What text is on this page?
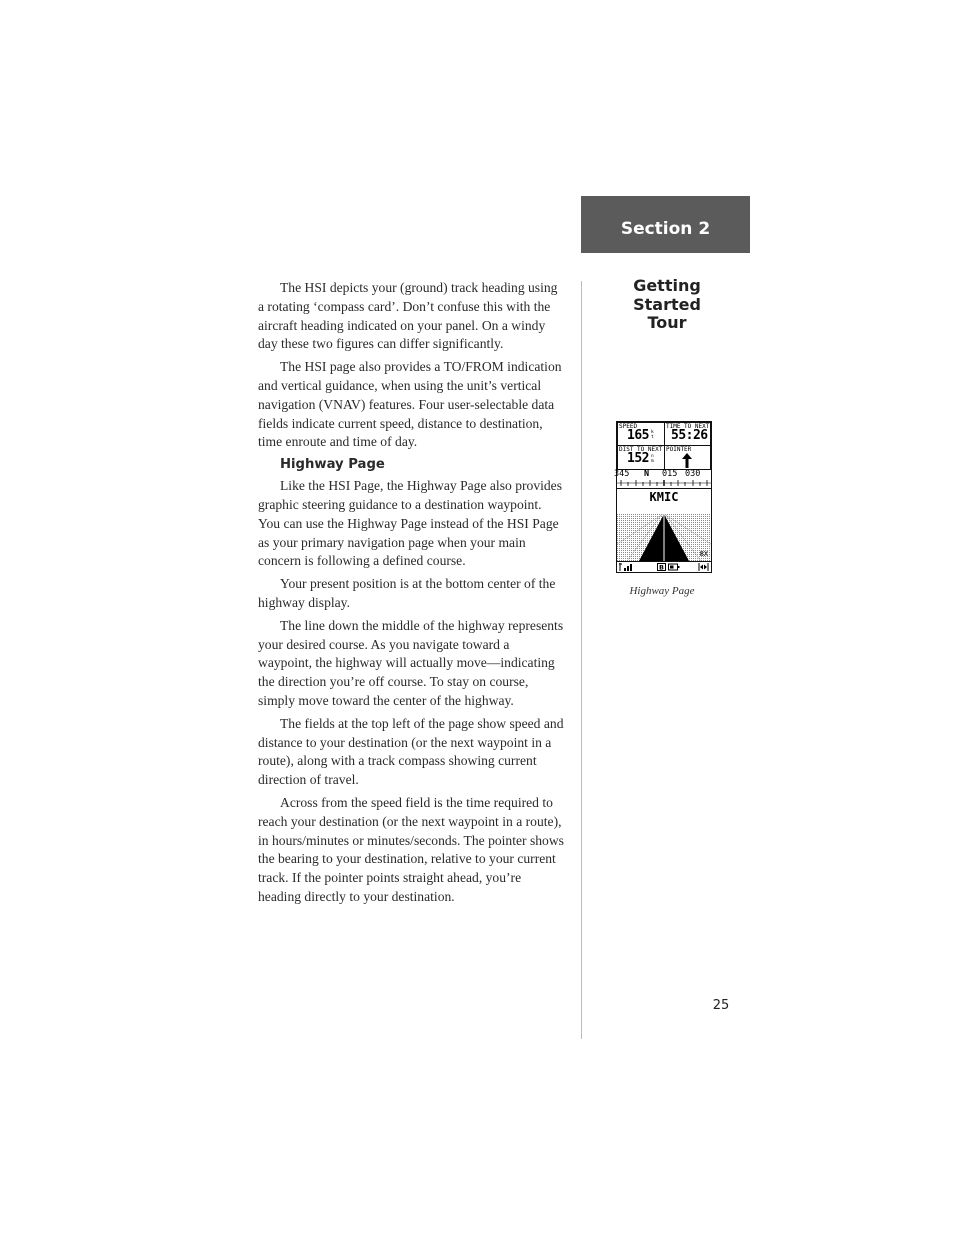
Section 2
Getting
Started
Tour

The HSI depicts your (ground) track heading using a rotating ‘compass card’. Don’t confuse this with the aircraft heading indicated on your panel. On a windy day these two figures can differ significantly.

The HSI page also provides a TO/FROM indication and vertical guidance, when using the unit’s vertical navigation (VNAV) features. Four user-selectable data fields indicate current speed, distance to destination, time enroute and time of day.

Highway Page

Like the HSI Page, the Highway Page also provides graphic steering guidance to a destination waypoint. You can use the Highway Page instead of the HSI Page as your primary navigation page when your main concern is following a defined course.

Your present position is at the bottom center of the highway display.

The line down the middle of the highway represents your desired course. As you navigate toward a waypoint, the highway will actually move—indicating the direction you’re off course. To stay on course, simply move toward the center of the highway.

The fields at the top left of the page show speed and distance to your destination (or the next waypoint in a route), along with a track compass showing current direction of travel.

Across from the speed field is the time required to reach your destination (or the next waypoint in a route), in hours/minutes or minutes/seconds. The pointer shows the bearing to your destination, relative to your current track. If the pointer points straight ahead, you’re heading directly to your destination.

SPEED
165 k
t
TIME TO NEXT
55:26
DIST TO NEXT
152 n
m
POINTER
345 N 015 030
KMIC
8X
B
Highway Page
25
